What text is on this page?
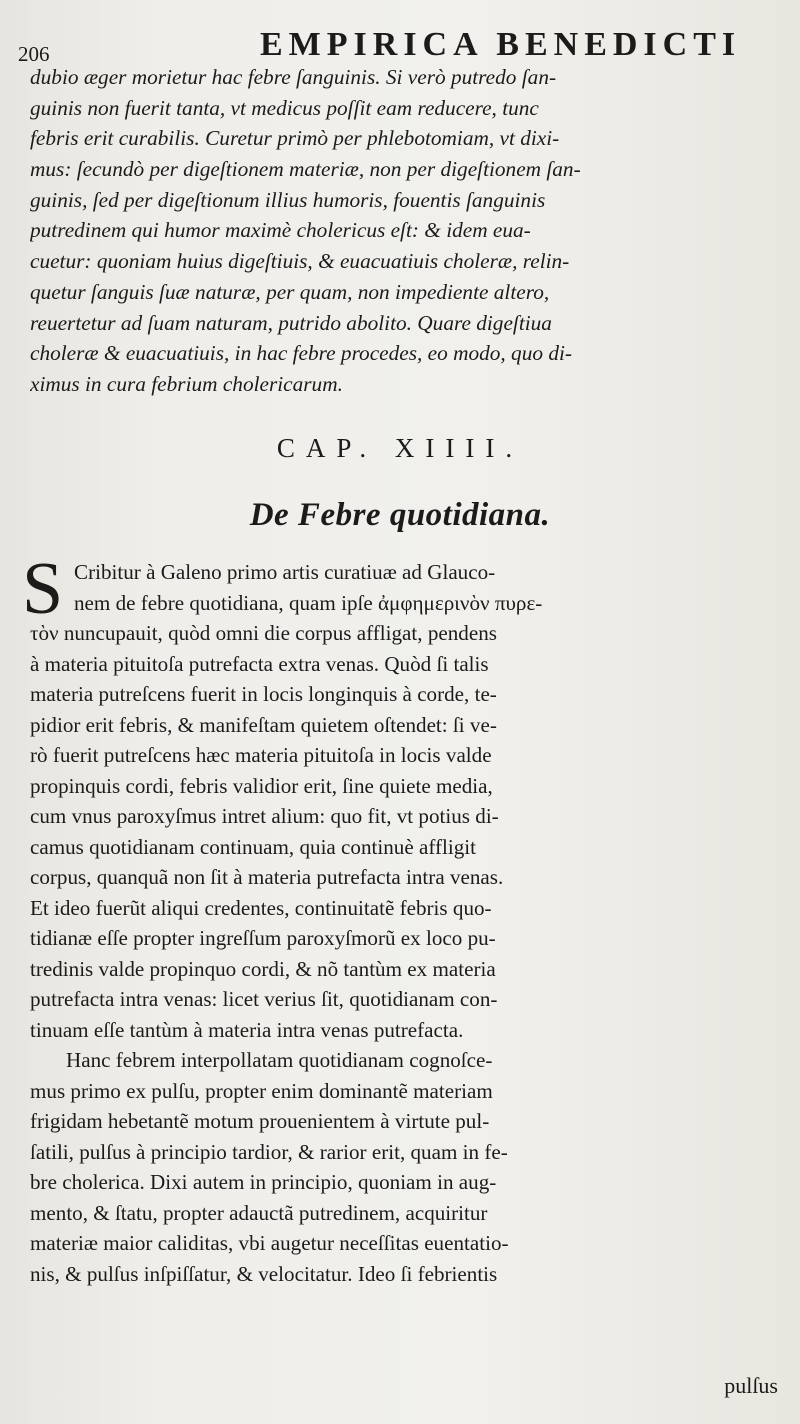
206	EMPIRICA BENEDICTI
dubio æger morietur hac febre ſanguinis. Si verò putredo ſan-
guinis non fuerit tanta, vt medicus poſſit eam reducere, tunc
febris erit curabilis. Curetur primò per phlebotomiam, vt dixi-
mus: ſecundò per digeſtionem materiæ, non per digeſtionem ſan-
guinis, ſed per digeſtionum illius humoris, fouentis ſanguinis
putredinem qui humor maximè cholericus eſt: & idem eua-
cuetur: quoniam huius digeſtiuis, & euacuatiuis choleræ, relin-
quetur ſanguis ſuæ naturæ, per quam, non impediente altero,
reuertetur ad ſuam naturam, putrido abolito. Quare digeſtiua
choleræ & euacuatiuis, in hac febre procedes, eo modo, quo di-
ximus in cura febrium cholericarum.
CAP. XIIII.
De Febre quotidiana.
S Cribitur à Galeno primo artis curatiuæ ad Glauco-
nem de febre quotidiana, quam ipſe ἀμφημερινὸν πυρε-
τὸν nuncupauit, quòd omni die corpus affligat, pendens
à materia pituitoſa putrefacta extra venas. Quòd ſi talis
materia putreſcens fuerit in locis longinquis à corde, te-
pidior erit febris, & manifeſtam quietem oſtendet: ſi ve-
rò fuerit putreſcens hæc materia pituitoſa in locis valde
propinquis cordi, febris validior erit, ſine quiete media,
cum vnus paroxyſmus intret alium: quo fit, vt potius di-
camus quotidianam continuam, quia continuè affligit
corpus, quanquã non ſit à materia putrefacta intra venas.
Et ideo fuerũt aliqui credentes, continuitatẽ febris quo-
tidianæ eſſe propter ingreſſum paroxyſmorũ ex loco pu-
tredinis valde propinquo cordi, & nõ tantùm ex materia
putrefacta intra venas: licet verius ſit, quotidianam con-
tinuam eſſe tantùm à materia intra venas putrefacta.
Hanc febrem interpollatam quotidianam cognoſce-
mus primo ex pulſu, propter enim dominantẽ materiam
frigidam hebetantẽ motum prouenientem à virtute pul-
ſatili, pulſus à principio tardior, & rarior erit, quam in fe-
bre cholerica. Dixi autem in principio, quoniam in aug-
mento, & ſtatu, propter adauctã putredinem, acquiritur
materiæ maior caliditas, vbi augetur neceſſitas euentatio-
nis, & pulſus inſpiſſatur, & velocitatur. Ideo ſi febrientis
pulſus
